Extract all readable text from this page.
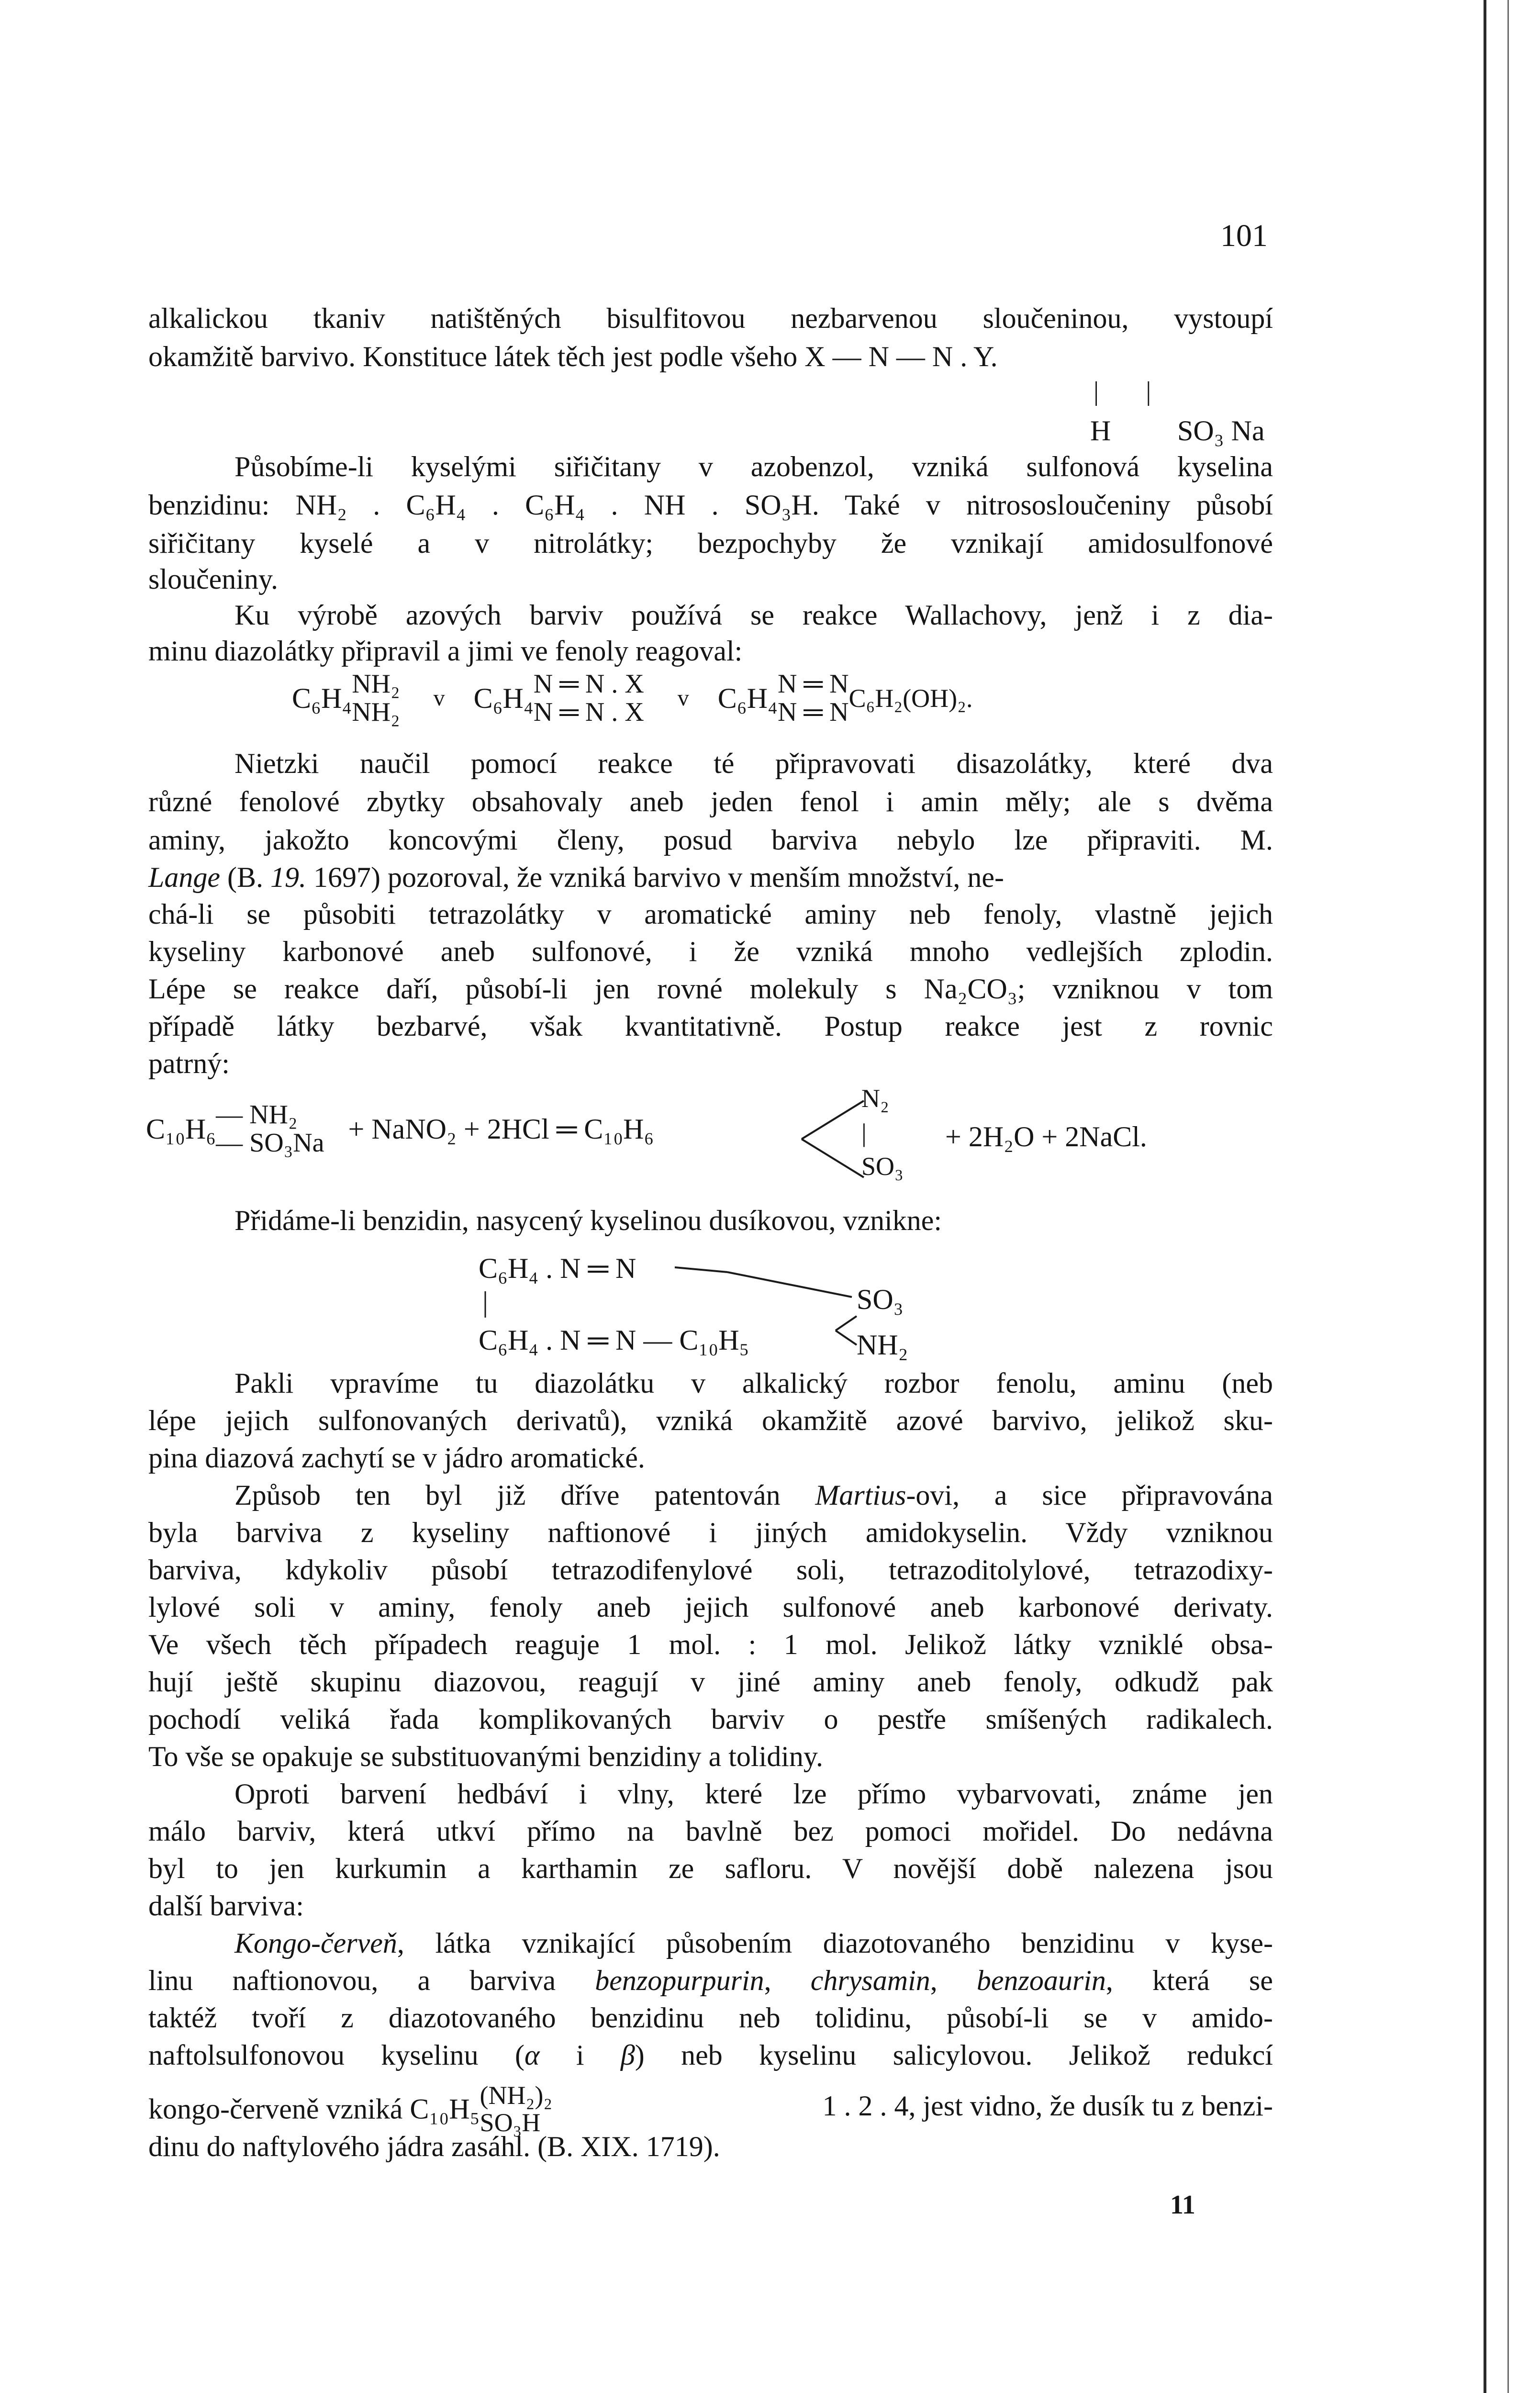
101
alkalickou tkaniv natištěných bisulfitovou nezbarvenou sloučeninou, vystoupí
okamžitě barvivo. Konstituce látek těch jest podle všeho X — N — N . Y.
|       |
H SO₃ Na
Působíme-li kyselými siřičitany v azobenzol, vzniká sulfonová kyselina
benzidinu: NH₂ . C₆H₄ . C₆H₄ . NH . SO₃H. Také v nitrososloučeniny působí
siřičitany kyselé a v nitrolátky; bezpochyby že vznikají amidosulfonové
sloučeniny.
Ku výrobě azových barviv používá se reakce Wallachovy, jenž i z dia-
minu diazolátky připravil a jimi ve fenoly reagoval:
C₆H₄ NH₂
NH₂ v C₆H₄ N ═ N . X
N ═ N . X v C₆H₄ N ═ N
N ═ N C₆H₂(OH)₂.
Nietzki naučil pomocí reakce té připravovati disazolátky, které dva
různé fenolové zbytky obsahovaly aneb jeden fenol i amin měly; ale s dvěma
aminy, jakožto koncovými členy, posud barviva nebylo lze připraviti. M.
Lange (B. 19. 1697) pozoroval, že vzniká barvivo v menším množství, ne-
chá-li se působiti tetrazolátky v aromatické aminy neb fenoly, vlastně jejich
kyseliny karbonové aneb sulfonové, i že vzniká mnoho vedlejších zplodin.
Lépe se reakce daří, působí-li jen rovné molekuly s Na₂CO₃; vzniknou v tom
případě látky bezbarvé, však kvantitativně. Postup reakce jest z rovnic
patrný:
C₁₀H₆ — NH₂
— SO₃Na + NaNO₂ + 2HCl ═ C₁₀H₆
N₂
|
SO₃
+ 2H₂O + 2NaCl.
Přidáme-li benzidin, nasycený kyselinou dusíkovou, vznikne:
C₆H₄ . N ═ N
|	SO₃
C₆H₄ . N ═ N — C₁₀H₅	NH₂
Pakli vpravíme tu diazolátku v alkalický rozbor fenolu, aminu (neb
lépe jejich sulfonovaných derivatů), vzniká okamžitě azové barvivo, jelikož sku-
pina diazová zachytí se v jádro aromatické.
Způsob ten byl již dříve patentován Martius-ovi, a sice připravována
byla barviva z kyseliny naftionové i jiných amidokyselin. Vždy vzniknou
barviva, kdykoliv působí tetrazodifenylové soli, tetrazoditolylové, tetrazodixy-
lylové soli v aminy, fenoly aneb jejich sulfonové aneb karbonové derivaty.
Ve všech těch případech reaguje 1 mol. : 1 mol. Jelikož látky vzniklé obsa-
hují ještě skupinu diazovou, reagují v jiné aminy aneb fenoly, odkudž pak
pochodí veliká řada komplikovaných barviv o pestře smíšených radikalech.
To vše se opakuje se substituovanými benzidiny a tolidiny.
Oproti barvení hedbáví i vlny, které lze přímo vybarvovati, známe jen
málo barviv, která utkví přímo na bavlně bez pomoci mořidel. Do nedávna
byl to jen kurkumin a karthamin ze safloru. V novější době nalezena jsou
další barviva:
Kongo-červeň, látka vznikající působením diazotovaného benzidinu v kyse-
linu naftionovou, a barviva benzopurpurin, chrysamin, benzoaurin, která se
taktéž tvoří z diazotovaného benzidinu neb tolidinu, působí-li se v amido-
naftolsulfonovou kyselinu (α i β) neb kyselinu salicylovou. Jelikož redukcí
kongo-červeně vzniká C₁₀H₅ (NH₂)₂
SO₃H
1 . 2 . 4, jest vidno, že dusík tu z benzi-
dinu do naftylového jádra zasáhl. (B. XIX. 1719).
11
